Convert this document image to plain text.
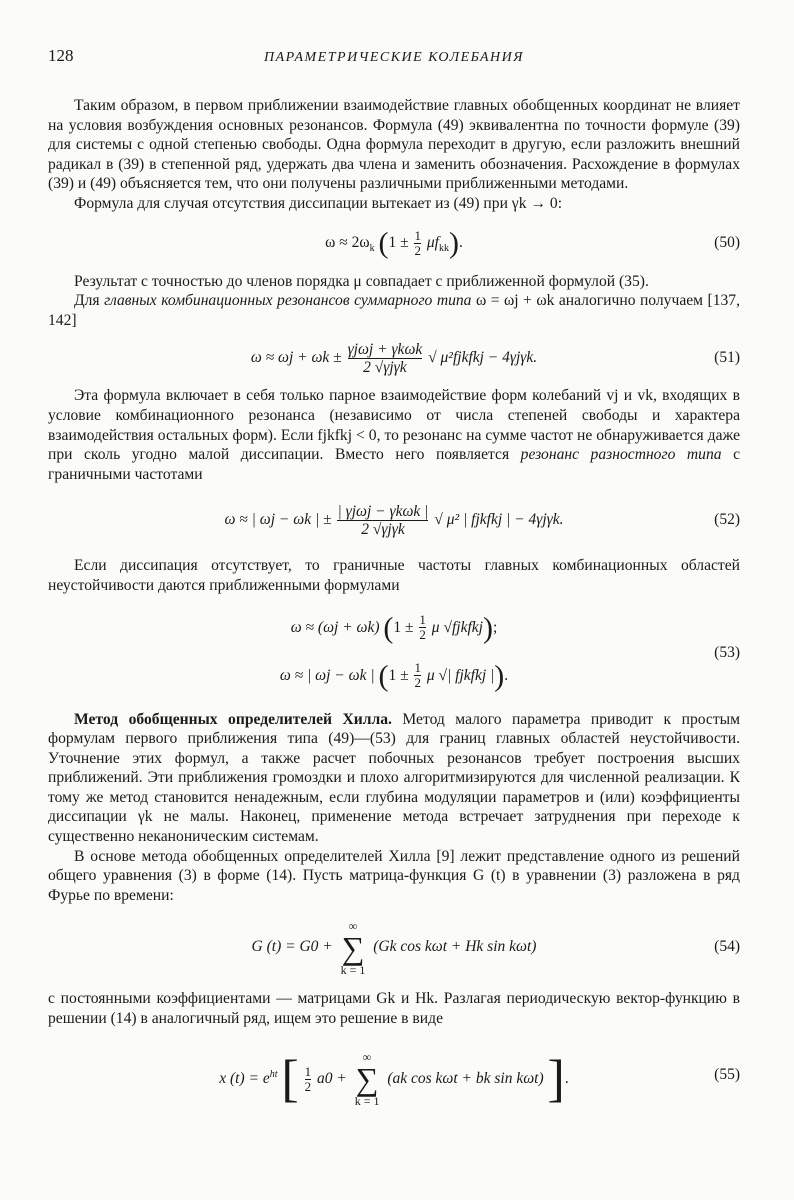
128	ПАРАМЕТРИЧЕСКИЕ КОЛЕБАНИЯ

Таким образом, в первом приближении взаимодействие главных обобщенных координат не влияет на условия возбуждения основных резонансов. Формула (49) эквивалентна по точности формуле (39) для системы с одной степенью свободы. Одна формула переходит в другую, если разложить внешний радикал в (39) в степенной ряд, удержать два члена и заменить обозначения. Расхождение в формулах (39) и (49) объясняется тем, что они получены различными приближенными методами.

Формула для случая отсутствия диссипации вытекает из (49) при γk → 0:

$\omega \approx 2\omega_k$ $(1 \pm \frac{1}{2} \mu f_{kk})$.	(50)

Результат с точностью до членов порядка μ совпадает с приближенной формулой (35).

Для главных комбинационных резонансов суммарного типа ω = ωj + ωk аналогично получаем [137, 142]

$\omega \approx \omega j + \omega k \pm \frac{\text{γjωj + γkωk}}{\text{2 √γjγk}}$ √ μ²fjkfkj − 4γjγk.	(51)

Эта формула включает в себя только парное взаимодействие форм колебаний vj и vk, входящих в условие комбинационного резонанса (независимо от числа степеней свободы и характера взаимодействия остальных форм). Если fjkfkj < 0, то резонанс на сумме частот не обнаруживается даже при сколь угодно малой диссипации. Вместо него появляется резонанс разностного типа с граничными частотами

ω ≈ | ωj − ωk | ± $\frac{\text{| γjωj − γkωk |}}{\text{2 √γjγk}}$ √ μ² | fjkfkj | − 4γjγk.	(52)

Если диссипация отсутствует, то граничные частоты главных комбинационных областей неустойчивости даются приближенными формулами

ω ≈ (ωj + ωk) ($1 \pm \frac{1}{2}$ μ √fjkfkj);
ω ≈ | ωj − ωk | ($1 \pm \frac{1}{2}$ μ √| fjkfkj |).
(53)

Метод обобщенных определителей Хилла. Метод малого параметра приводит к простым формулам первого приближения типа (49)—(53) для границ главных областей неустойчивости. Уточнение этих формул, а также расчет побочных резонансов требует построения высших приближений. Эти приближения громоздки и плохо алгоритмизируются для численной реализации. К тому же метод становится ненадежным, если глубина модуляции параметров и (или) коэффициенты диссипации γk не малы. Наконец, применение метода встречает затруднения при переходе к существенно неканоническим системам.

В основе метода обобщенных определителей Хилла [9] лежит представление одного из решений общего уравнения (3) в форме (14). Пусть матрица-функция G (t) в уравнении (3) разложена в ряд Фурье по времени:

G (t) = G0 +
∞
∑
k = 1
(Gk cos kωt + Hk sin kωt)	(54)

с постоянными коэффициентами — матрицами Gk и Hk. Разлагая периодическую вектор-функцию в решении (14) в аналогичный ряд, ищем это решение в виде

x $(t) = e^{ht}$ [ $\frac{1}{2} a0$ +
∞
∑
k = 1
(ak cos kωt + bk sin kωt) ].	(55)
